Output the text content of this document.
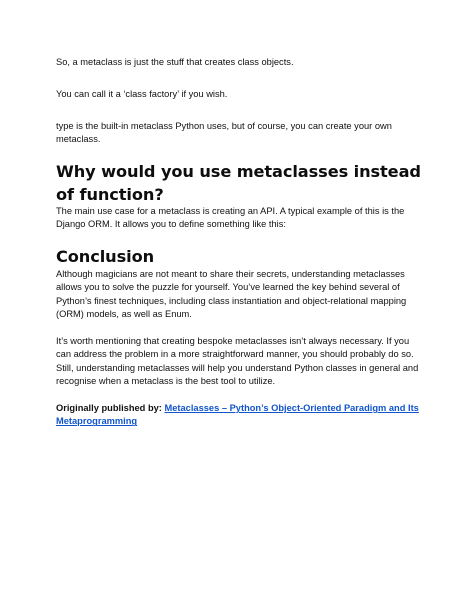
So, a metaclass is just the stuff that creates class objects.

You can call it a ‘class factory’ if you wish.

type is the built-in metaclass Python uses, but of course, you can create your own metaclass.

Why would you use metaclasses instead of function?

The main use case for a metaclass is creating an API. A typical example of this is the Django ORM. It allows you to define something like this:

Conclusion

Although magicians are not meant to share their secrets, understanding metaclasses allows you to solve the puzzle for yourself. You’ve learned the key behind several of Python’s finest techniques, including class instantiation and object-relational mapping (ORM) models, as well as Enum.

It’s worth mentioning that creating bespoke metaclasses isn’t always necessary. If you can address the problem in a more straightforward manner, you should probably do so. Still, understanding metaclasses will help you understand Python classes in general and recognise when a metaclass is the best tool to utilize.

Originally published by: Metaclasses – Python’s Object-Oriented Paradigm and Its Metaprogramming
